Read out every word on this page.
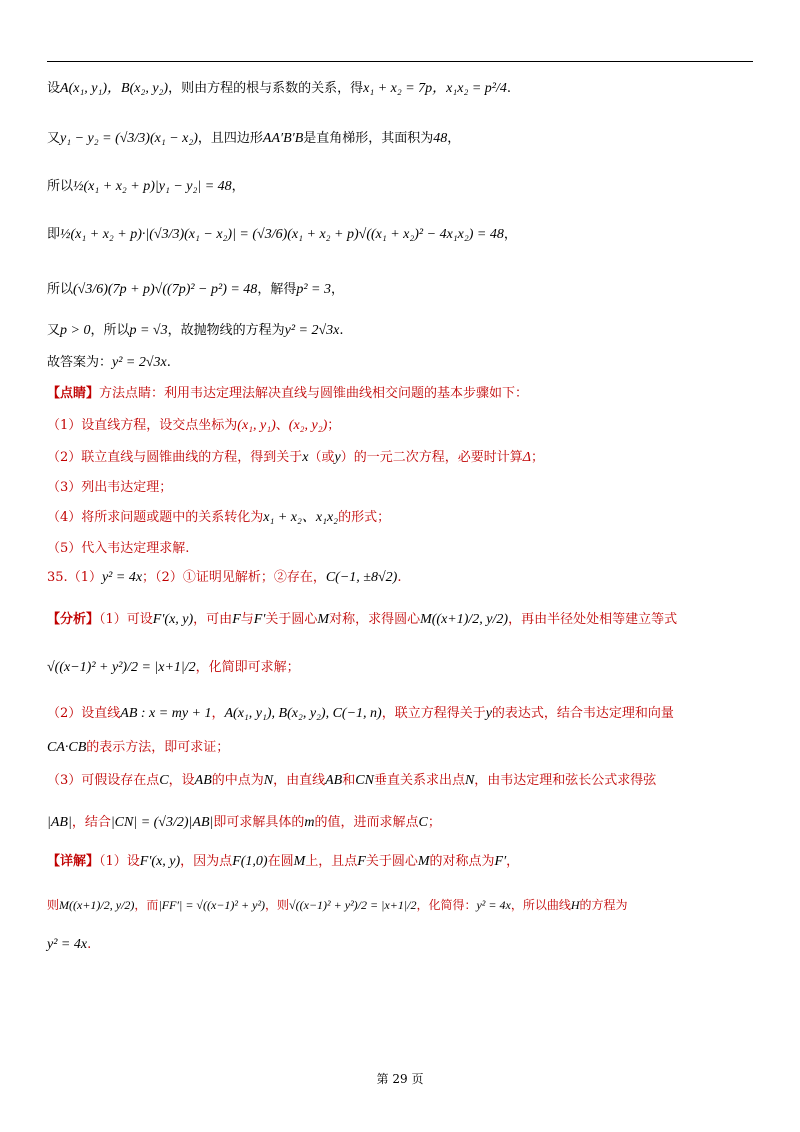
设A(x₁, y₁)，B(x₂, y₂)，则由方程的根与系数的关系，得x₁ + x₂ = 7p，x₁x₂ = p²/4.
又y₁ − y₂ = (√3/3)(x₁ − x₂)，且四边形AA′B′B是直角梯形，其面积为48，
所以½(x₁ + x₂ + p)|y₁ − y₂| = 48，
即½(x₁ + x₂ + p)·|(√3/3)(x₁ − x₂)| = (√3/6)(x₁ + x₂ + p)√((x₁ + x₂)² − 4x₁x₂) = 48，
所以(√3/6)(7p + p)√((7p)² − p²) = 48，解得p² = 3，
又p > 0，所以p = √3，故抛物线的方程为y² = 2√3x.
故答案为：y² = 2√3x.
【点睛】方法点睛：利用韦达定理法解决直线与圆锥曲线相交问题的基本步骤如下：
（1）设直线方程，设交点坐标为(x₁, y₁)、(x₂, y₂)；
（2）联立直线与圆锥曲线的方程，得到关于x（或y）的一元二次方程，必要时计算Δ；
（3）列出韦达定理；
（4）将所求问题或题中的关系转化为x₁ + x₂、x₁x₂的形式；
（5）代入韦达定理求解.
35.（1）y² = 4x；（2）①证明见解析；②存在，C(−1, ±8√2).
【分析】（1）可设F′(x, y)，可由F与F′关于圆心M对称，求得圆心M((x+1)/2, y/2)，再由半径处处相等建立等式
√((x−1)² + y²)/2 = |x+1|/2，化简即可求解；
（2）设直线AB : x = my + 1，A(x₁, y₁), B(x₂, y₂), C(−1, n)，联立方程得关于y的表达式，结合韦达定理和向量
CA·CB的表示方法，即可求证；
（3）可假设存在点C，设AB的中点为N，由直线AB和CN垂直关系求出点N，由韦达定理和弦长公式求得弦
|AB|，结合|CN| = (√3/2)|AB|即可求解具体的m的值，进而求解点C；
【详解】（1）设F′(x, y)，因为点F(1,0)在圆M上，且点F关于圆心M的对称点为F′，
则M((x+1)/2, y/2)，而|FF′| = √((x−1)² + y²)，则√((x−1)² + y²)/2 = |x+1|/2，化简得：y² = 4x，所以曲线H的方程为
y² = 4x.
第 29 页
